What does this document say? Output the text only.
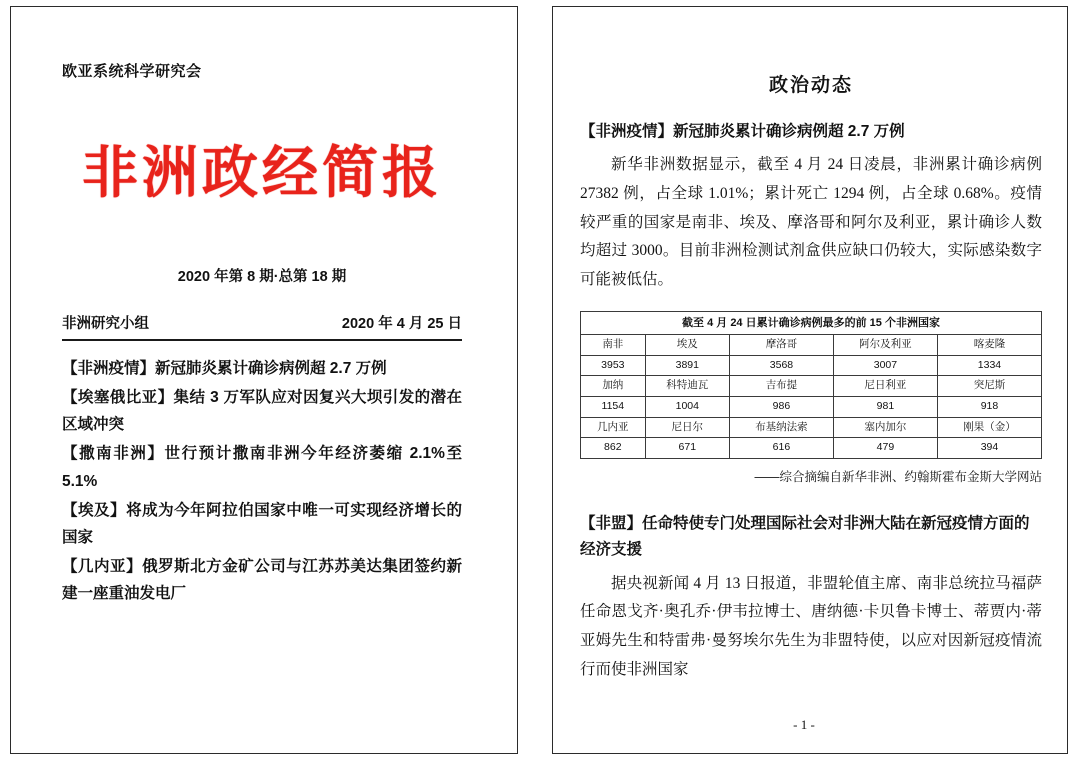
欧亚系统科学研究会
非洲政经简报
2020 年第 8 期·总第 18 期
非洲研究小组	2020 年 4 月 25 日
【非洲疫情】新冠肺炎累计确诊病例超 2.7 万例
【埃塞俄比亚】集结 3 万军队应对因复兴大坝引发的潜在区域冲突
【撒南非洲】世行预计撒南非洲今年经济萎缩 2.1%至 5.1%
【埃及】将成为今年阿拉伯国家中唯一可实现经济增长的国家
【几内亚】俄罗斯北方金矿公司与江苏苏美达集团签约新建一座重油发电厂
政治动态
【非洲疫情】新冠肺炎累计确诊病例超 2.7 万例
新华非洲数据显示，截至 4 月 24 日凌晨，非洲累计确诊病例 27382 例，占全球 1.01%；累计死亡 1294 例，占全球 0.68%。疫情较严重的国家是南非、埃及、摩洛哥和阿尔及利亚，累计确诊人数均超过 3000。目前非洲检测试剂盒供应缺口仍较大，实际感染数字可能被低估。
截至 4 月 24 日累计确诊病例最多的前 15 个非洲国家				
南非	埃及	摩洛哥	阿尔及利亚	喀麦隆
3953	3891	3568	3007	1334
加纳	科特迪瓦	吉布提	尼日利亚	突尼斯
1154	1004	986	981	918
几内亚	尼日尔	布基纳法索	塞内加尔	刚果（金）
862	671	616	479	394
——综合摘编自新华非洲、约翰斯霍布金斯大学网站
【非盟】任命特使专门处理国际社会对非洲大陆在新冠疫情方面的经济支援
据央视新闻 4 月 13 日报道，非盟轮值主席、南非总统拉马福萨任命恩戈齐·奥孔乔·伊韦拉博士、唐纳德·卡贝鲁卡博士、蒂贾内·蒂亚姆先生和特雷弗·曼努埃尔先生为非盟特使，以应对因新冠疫情流行而使非洲国家
- 1 -
